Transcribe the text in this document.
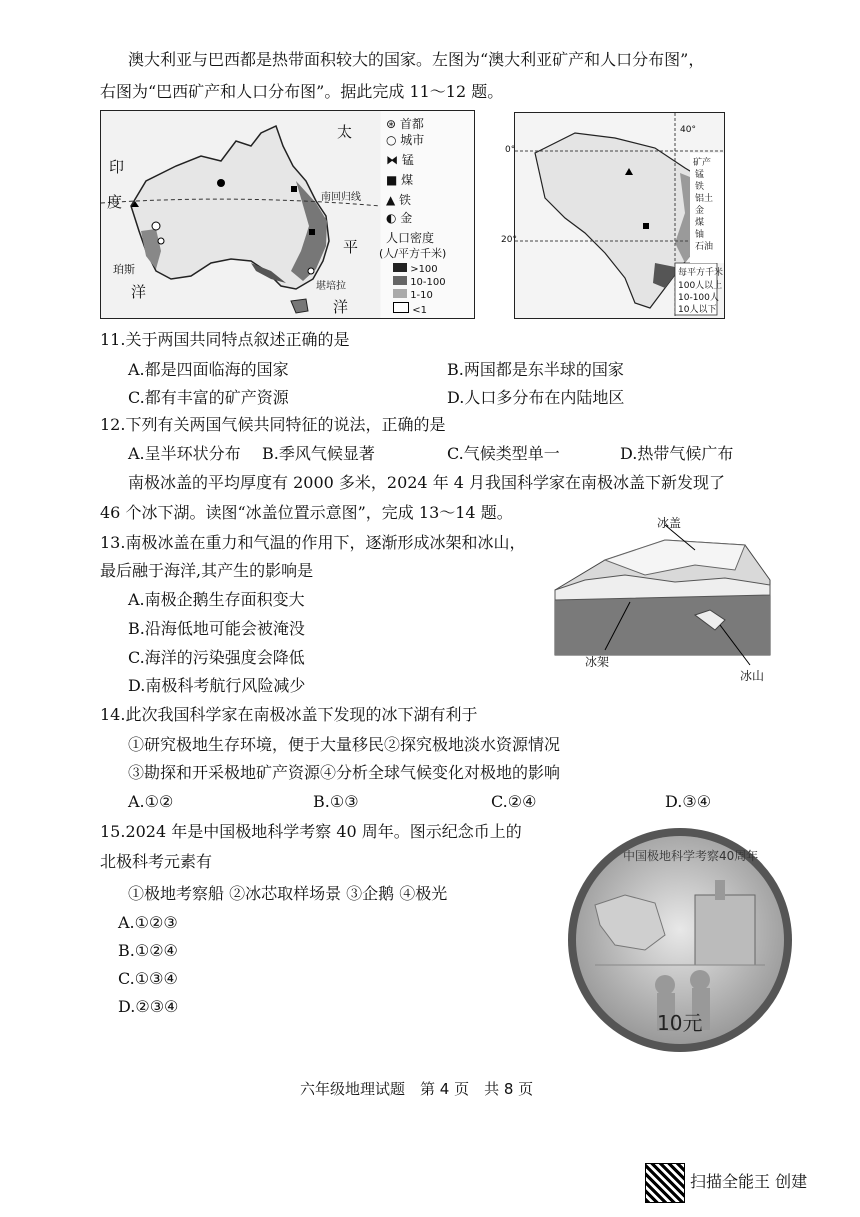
澳大利亚与巴西都是热带面积较大的国家。左图为“澳大利亚矿产和人口分布图”，
右图为“巴西矿产和人口分布图”。据此完成 11～12 题。
太
印
度
平
洋
洋
珀斯
南回归线
堪培拉
⊛ 首都
○ 城市
⧓ 锰
■ 煤
▲ 铁
◐ 金
人口密度
(人/平方千米)
>100
10-100
1-10
<1
0°
40°
20°
矿产
锰
铁
铝土
金
煤
铀
石油
每平方千米
100人以上
10-100人
10人以下
11.关于两国共同特点叙述正确的是
A.都是四面临海的国家	B.两国都是东半球的国家
C.都有丰富的矿产资源	D.人口多分布在内陆地区
12.下列有关两国气候共同特征的说法，正确的是
A.呈半环状分布 B.季风气候显著	C.气候类型单一	D.热带气候广布
南极冰盖的平均厚度有 2000 多米，2024 年 4 月我国科学家在南极冰盖下新发现了
46 个冰下湖。读图“冰盖位置示意图”，完成 13～14 题。
冰盖
冰架
冰山
13.南极冰盖在重力和气温的作用下，逐渐形成冰架和冰山，
最后融于海洋,其产生的影响是
A.南极企鹅生存面积变大
B.沿海低地可能会被淹没
C.海洋的污染强度会降低
D.南极科考航行风险减少
14.此次我国科学家在南极冰盖下发现的冰下湖有利于
①研究极地生存环境，便于大量移民②探究极地淡水资源情况
③勘探和开采极地矿产资源④分析全球气候变化对极地的影响
A.①②	B.①③	C.②④	D.③④
15.2024 年是中国极地科学考察 40 周年。图示纪念币上的
北极科考元素有
①极地考察船 ②冰芯取样场景 ③企鹅 ④极光
A.①②③
B.①②④
C.①③④
D.②③④
中国极地科学考察40周年
10元
六年级地理试题　第 4 页　共 8 页
扫描全能王 创建
